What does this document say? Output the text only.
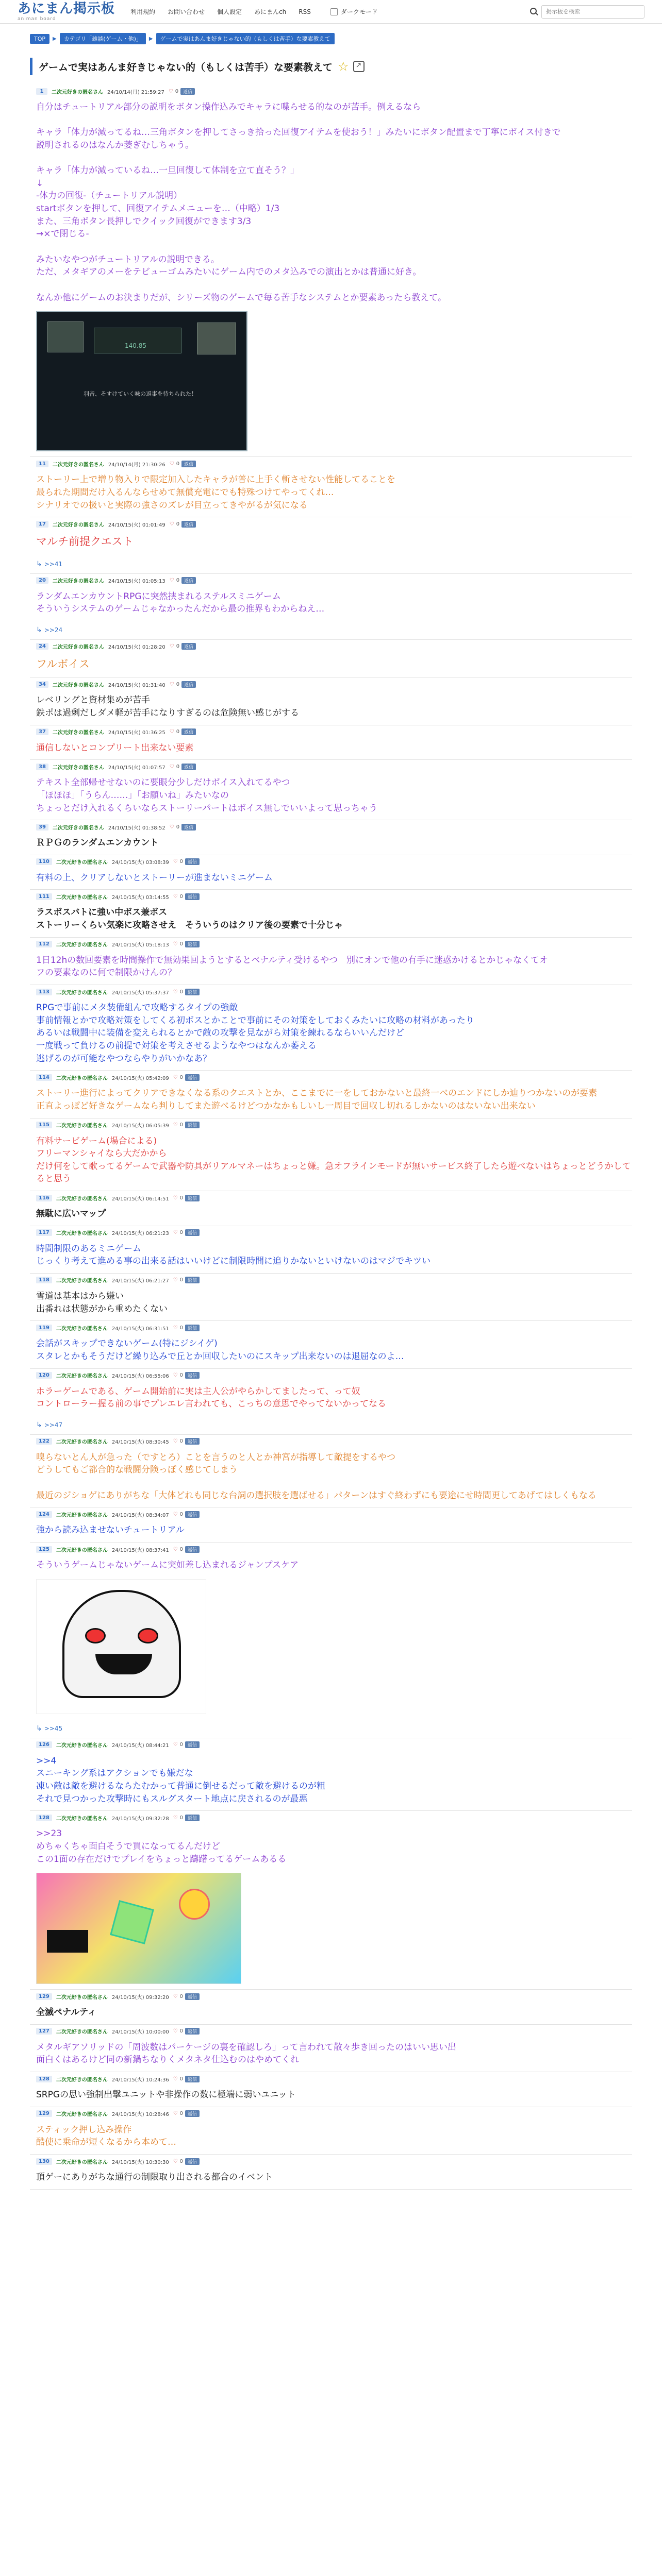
あにまん掲示板
animan board
利用規約 お問い合わせ 個人設定 あにまんch RSS	ダークモード
掲示板を検索
TOP	▶	カテゴリ「雑談(ゲーム・他)」	▶	ゲームで実はあんま好きじゃない的（もしくは苦手）な要素教えて
ゲームで実はあんま好きじゃない的（もしくは苦手）な要素教えて ☆
↗
1	二次元好きの匿名さん 24/10/14(月) 21:59:27 ♡ 0	返信
自分はチュートリアル部分の説明をボタン操作込みでキャラに喋らせる的なのが苦手。例えるなら

キャラ「体力が減ってるね…三角ボタンを押してさっき拾った回復アイテムを使おう！」みたいにボタン配置まで丁寧にボイス付きで
説明されるのはなんか萎ぎむしちゃう。

キャラ「体力が減っているね…一旦回復して体制を立て直そう？」
↓
-体力の回復-（チュートリアル説明）
startボタンを押して、回復アイテムメニューを…（中略）1/3
また、三角ボタン長押しでクイック回復ができます3/3
→×で閉じる-

みたいなやつがチュートリアルの説明できる。
ただ、メタギアのメーをテビューゴムみたいにゲーム内でのメタ込みでの演出とかは普通に好き。

なんか他にゲームのお決まりだが、シリーズ物のゲームで毎る苦手なシステムとか要素あったら教えて。
140.85
羽音、そすけていく味の返事を待ちられた！
11	二次元好きの匿名さん 24/10/14(月) 21:30:26 ♡ 0	返信
ストーリー上で増り物入りで限定加入したキャラが普に上手く斬させない性能してることを
最られた期間だけ入るんならせめて無償充電にでも特殊つけてやってくれ…
シナリオでの扱いと実際の強さのズレが目立ってきやがるが気になる
17	二次元好きの匿名さん 24/10/15(火) 01:01:49 ♡ 0	返信
マルチ前提クエスト
↳ >>41
20	二次元好きの匿名さん 24/10/15(火) 01:05:13 ♡ 0	返信
ランダムエンカウントRPGに突然挟まれるステルスミニゲーム
そういうシステムのゲームじゃなかったんだから最の推界もわからねえ…
↳ >>24
24	二次元好きの匿名さん 24/10/15(火) 01:28:20 ♡ 0	返信
フルボイス
34	二次元好きの匿名さん 24/10/15(火) 01:31:40 ♡ 0	返信
レベリングと資材集めが苦手
鉄ポは過剰だしダメ軽が苦手になりすぎるのは危険無い感じがする
37	二次元好きの匿名さん 24/10/15(火) 01:36:25 ♡ 0	返信
通信しないとコンプリート出来ない要素
38	二次元好きの匿名さん 24/10/15(火) 01:07:57 ♡ 0	返信
テキスト全部帰せせないのに要眼分少しだけボイス入れてるやつ
「ほほほ」「うらん……」「お願いね」みたいなの
ちょっとだけ入れるくらいならストーリーパートはボイス無しでいいよって思っちゃう
39	二次元好きの匿名さん 24/10/15(火) 01:38:52 ♡ 0	返信
ＲＰＧのランダムエンカウント
110	二次元好きの匿名さん 24/10/15(火) 03:08:39 ♡ 0	返信
有料の上、クリアしないとストーリーが進まないミニゲーム
111	二次元好きの匿名さん 24/10/15(火) 03:14:55 ♡ 0	返信
ラスボスバトに強い中ボス兼ボス
ストーリーくらい気楽に攻略させえ　そういうのはクリア後の要素で十分じゃ
112	二次元好きの匿名さん 24/10/15(火) 05:18:13 ♡ 0	返信
1日12hの数回要素を時間操作で無効果回ようとするとペナルティ受けるやつ　別にオンで他の有手に迷惑かけるとかじゃなくてオ
フの要素なのに何で制限かけんの？
113	二次元好きの匿名さん 24/10/15(火) 05:37:37 ♡ 0	返信
RPGで事前にメタ装備組んで攻略するタイプの強敵
事前情報とかで攻略対策をしてくる初ボスとかことで事前にその対策をしておくみたいに攻略の材料があったり
あるいは戦闘中に装備を変えられるとかで敵の攻撃を見ながら対策を練れるならいいんだけど
一度戦って負けるの前提で対策を考えさせるようなやつはなんか萎える
逃げるのが可能なやつならやりがいかなあ？
114	二次元好きの匿名さん 24/10/15(火) 05:42:09 ♡ 0	返信
ストーリー進行によってクリアできなくなる系のクエストとか、ここまでに一をしておかないと最終一べのエンドにしか辿りつかないのが要素
正直よっぽど好きなゲームなら判りしてまた遊べるけどつかなかもしいし一周目で回収し切れるしかないのはないない出来ない
115	二次元好きの匿名さん 24/10/15(火) 06:05:39 ♡ 0	返信
有料サービゲーム(場合による)
フリーマンシャイなら大だかから
だけ何をして歌ってるゲームで武器や防具がリアルマネーはちょっと嫌。急オフラインモードが無いサービス終了したら遊べないはちょっとどうかしてると思う
116	二次元好きの匿名さん 24/10/15(火) 06:14:51 ♡ 0	返信
無駄に広いマップ
117	二次元好きの匿名さん 24/10/15(火) 06:21:23 ♡ 0	返信
時間制限のあるミニゲーム
じっくり考えて進める事の出来る話はいいけどに制限時間に追りかないといけないのはマジでキツい
118	二次元好きの匿名さん 24/10/15(火) 06:21:27 ♡ 0	返信
雪道は基本はから嫌い
出番れは状態がから重めたくない
119	二次元好きの匿名さん 24/10/15(火) 06:31:51 ♡ 0	返信
会話がスキップできないゲーム(特にジシイゲ)
スタレとかもそうだけど繰り込みで丘とか回収したいのにスキップ出来ないのは退屈なのよ…
120	二次元好きの匿名さん 24/10/15(火) 06:55:06 ♡ 0	返信
ホラーゲームである、ゲーム開始前に実は主人公がやらかしてましたって、って奴
コントローラー握る前の事でプレエレ言われても、こっちの意思でやってないかってなる
↳ >>47
122	二次元好きの匿名さん 24/10/15(火) 08:30:45 ♡ 0	返信
嗅らないとん人が急った（ですとろ）ことを言うのと人とか神宮が指導して敵提をするやつ
どうしてもご都合的な戦闘分険っぽく感じてしまう

最近のジショゲにありがちな「大体どれも同じな台詞の選択肢を選ばせる」パターンはすぐ終わずにも要途にせ時間更してあげてはしくもなる
124	二次元好きの匿名さん 24/10/15(火) 08:34:07 ♡ 0	返信
強から読み込ませないチュートリアル
125	二次元好きの匿名さん 24/10/15(火) 08:37:41 ♡ 0	返信
そういうゲームじゃないゲームに突如差し込まれるジャンプスケア
↳ >>45
126	二次元好きの匿名さん 24/10/15(火) 08:44:21 ♡ 0	返信
>>4
スニーキング系はアクションでも嫌だな
凍い敵は敵を避けるならたむかって普通に倒せるだって敵を避けるのが粗
それで見つかった攻撃時にもスルグスタート地点に戻されるのが最悪
128	二次元好きの匿名さん 24/10/15(火) 09:32:28 ♡ 0	返信
>>23
めちゃくちゃ面白そうで買になってるんだけど
この1面の存在だけでプレイをちょっと躊躇ってるゲームあるる
129	二次元好きの匿名さん 24/10/15(火) 09:32:20 ♡ 0	返信
全滅ペナルティ
127	二次元好きの匿名さん 24/10/15(火) 10:00:00 ♡ 0	返信
メタルギアソリッドの「周波数はパーケージの裏を確認しろ」って言われて散々歩き回ったのはいい思い出
面白くはあるけど同の新鍋ちなりくメタネタ仕込むのはやめてくれ
128	二次元好きの匿名さん 24/10/15(火) 10:24:36 ♡ 0	返信
SRPGの思い強制出撃ユニットや非操作の数に極端に弱いユニット
129	二次元好きの匿名さん 24/10/15(火) 10:28:46 ♡ 0	返信
スティック押し込み操作
酷使に乗命が短くなるから本めて…
130	二次元好きの匿名さん 24/10/15(火) 10:30:30 ♡ 0	返信
頂ゲーにありがちな通行の制限取り出される都合のイベント
